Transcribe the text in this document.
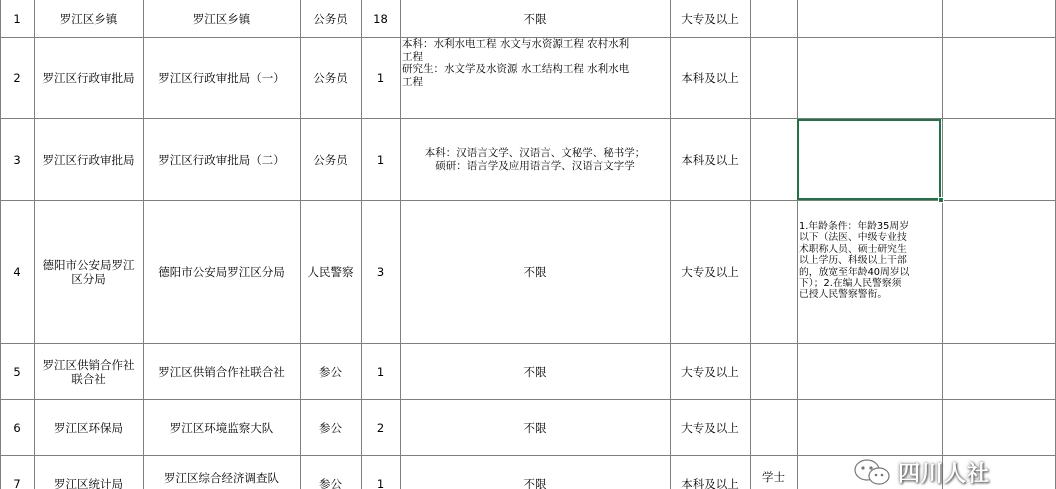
1	罗江区乡镇	罗江区乡镇	公务员	18	不限	大专及以上
2	罗江区行政审批局	罗江区行政审批局（一）	公务员	1
本科：水利水电工程 水文与水资源工程 农村水利
工程
研究生：水文学及水资源 水工结构工程 水利水电
工程	本科及以上
3	罗江区行政审批局	罗江区行政审批局（二）	公务员	1	本科：汉语言文学、汉语言、文秘学、秘书学；
硕研：语言学及应用语言学、汉语言文字学	本科及以上
4	德阳市公安局罗江
区分局	德阳市公安局罗江区分局	人民警察	3	不限	大专及以上
1.年龄条件：年龄35周岁
以下（法医、中级专业技
术职称人员、硕士研究生
以上学历、科级以上干部
的，放宽至年龄40周岁以
下）；2.在编人民警察须
已授人民警察警衔。
5	罗江区供销合作社
联合社	罗江区供销合作社联合社	参公	1	不限	大专及以上
6	罗江区环保局	罗江区环境监察大队	参公	2	不限	大专及以上
7	罗江区统计局	罗江区综合经济调查队	参公	1	不限	本科及以上	学士	四川人社
